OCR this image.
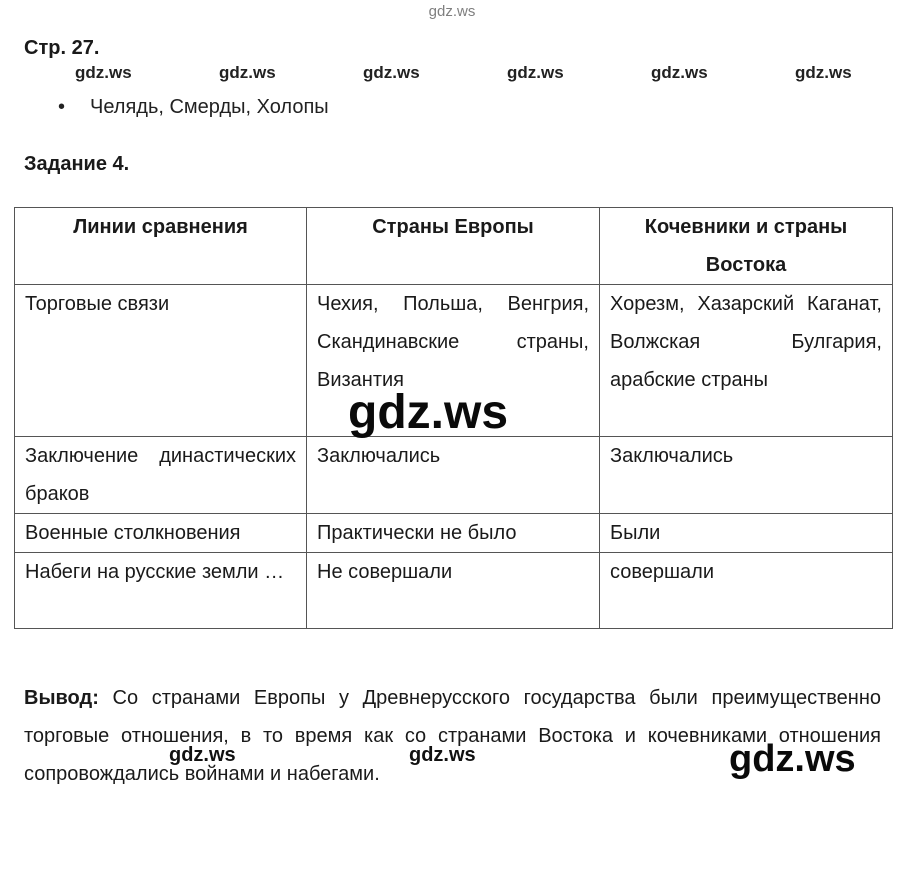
gdz.ws
Стр. 27.
gdz.ws	gdz.ws	gdz.ws	gdz.ws	gdz.ws	gdz.ws
• Челядь, Смерды, Холопы
Задание 4.
Линии сравнения	Страны Европы	Кочевники и страны Востока
Торговые связи	Чехия, Польша, Венгрия, Скандинавские страны, Византия	Хорезм, Хазарский Каганат, Волжская Булгария, арабские страны
Заключение династических браков	Заключались	Заключались
Военные столкновения	Практически не было	Были
Набеги на русские земли …	Не совершали	совершали
gdz.ws
Вывод: Со странами Европы у Древнерусского государства были преимущественно торговые отношения, в то время как со странами Востока и кочевниками отношения сопровождались войнами и набегами.
gdz.ws	gdz.ws	gdz.ws
